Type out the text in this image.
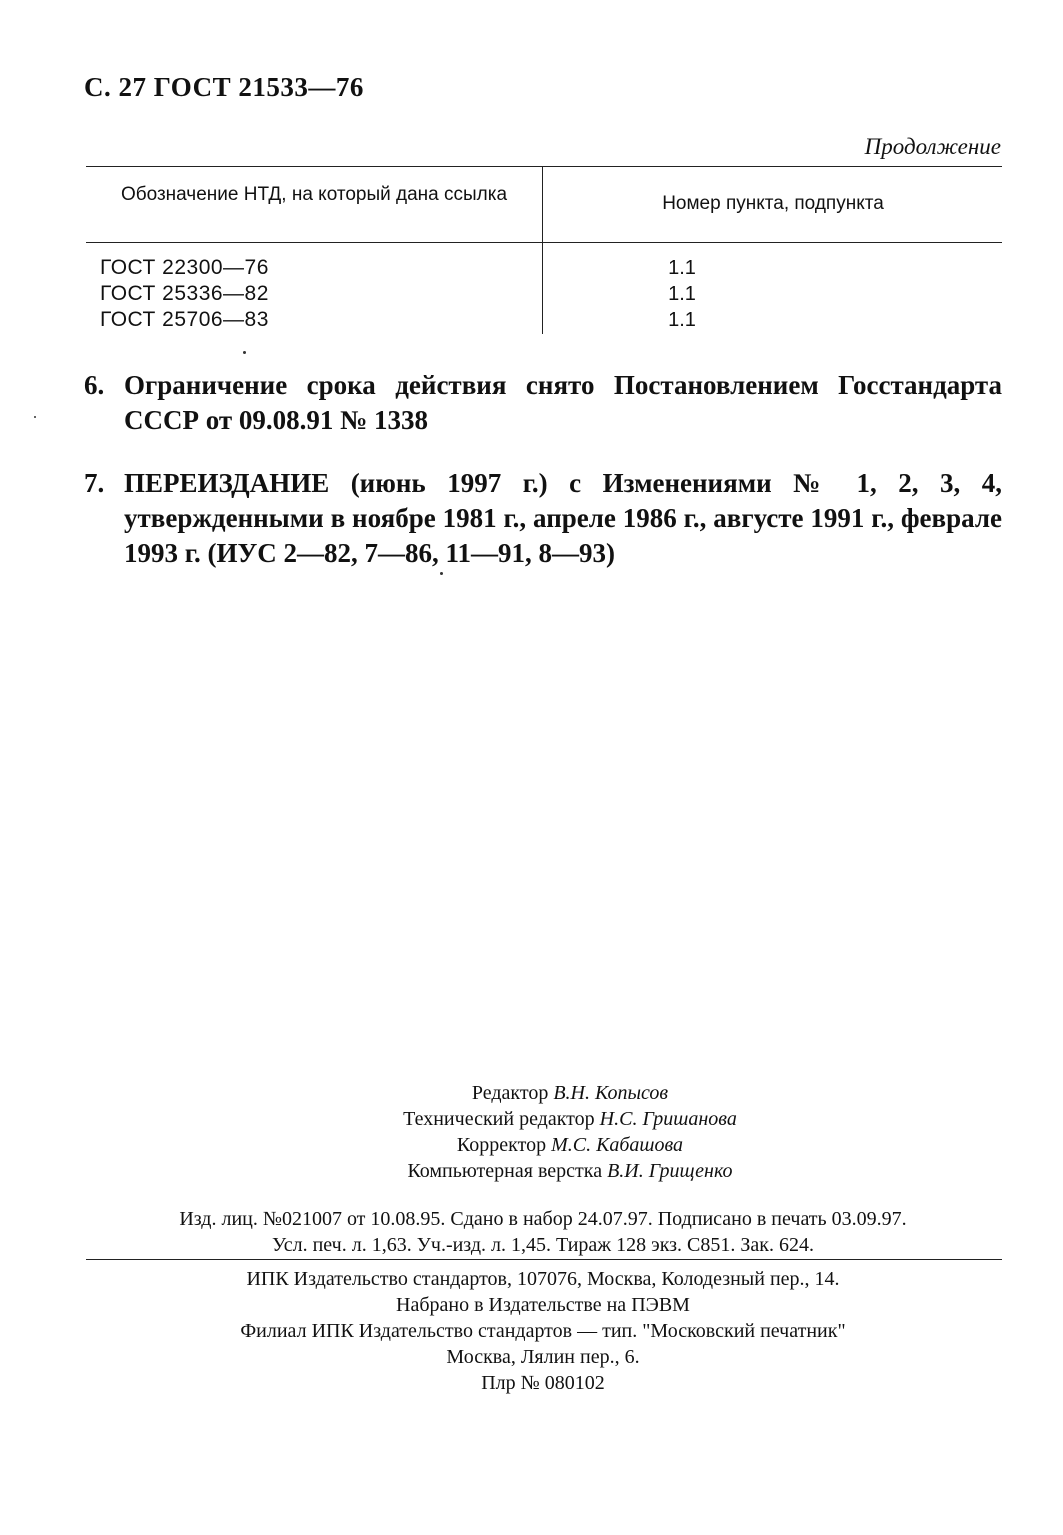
С. 27 ГОСТ 21533—76
Продолжение
Обозначение НТД, на который дана ссылка	Номер пункта, подпункта
ГОСТ 22300—76	1.1
ГОСТ 25336—82	1.1
ГОСТ 25706—83	1.1
6. Ограничение срока действия снято Постановлением Госстандарта СССР от 09.08.91 № 1338
7. ПЕРЕИЗДАНИЕ (июнь 1997 г.) с Изменениями № 1, 2, 3, 4, утвержденными в ноябре 1981 г., апреле 1986 г., августе 1991 г., феврале 1993 г. (ИУС 2—82, 7—86, 11—91, 8—93)
Редактор В.Н. Копысов
Технический редактор Н.С. Гришанова
Корректор М.С. Кабашова
Компьютерная верстка В.И. Грищенко
Изд. лиц. №021007 от 10.08.95. Сдано в набор 24.07.97. Подписано в печать 03.09.97.
Усл. печ. л. 1,63. Уч.-изд. л. 1,45. Тираж 128 экз. С851. Зак. 624.
ИПК Издательство стандартов, 107076, Москва, Колодезный пер., 14.
Набрано в Издательстве на ПЭВМ
Филиал ИПК Издательство стандартов — тип. "Московский печатник"
Москва, Лялин пер., 6.
Плр № 080102
